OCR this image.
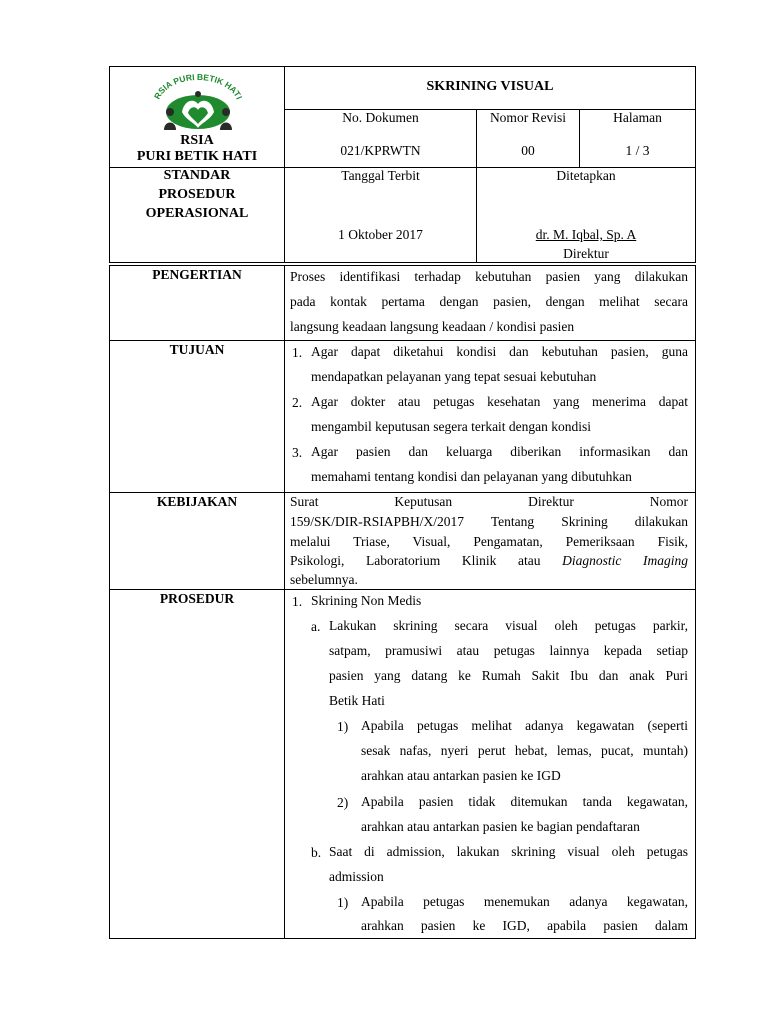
RSIA PURI BETIK HATI
RSIA
PURI BETIK HATI
SKRINING VISUAL
No. Dokumen
021/KPRWTN
Nomor Revisi
00
Halaman
1 / 3
STANDAR
PROSEDUR
OPERASIONAL
Tanggal Terbit
1 Oktober 2017
Ditetapkan
dr. M. Iqbal, Sp. A
Direktur
PENGERTIAN
TUJUAN
KEBIJAKAN
PROSEDUR
Proses identifikasi terhadap kebutuhan pasien yang dilakukan
pada kontak pertama dengan pasien, dengan melihat secara
langsung keadaan langsung keadaan / kondisi pasien
1. Agar dapat diketahui kondisi dan kebutuhan pasien, guna
mendapatkan pelayanan yang tepat sesuai kebutuhan
2. Agar dokter atau petugas kesehatan yang menerima dapat
mengambil keputusan segera terkait dengan kondisi
3. Agar pasien dan keluarga diberikan informasikan dan
memahami tentang kondisi dan pelayanan yang dibutuhkan
Surat Keputusan Direktur Nomor
159/SK/DIR-RSIAPBH/X/2017 Tentang Skrining dilakukan
melalui Triase, Visual, Pengamatan, Pemeriksaan Fisik,
Psikologi, Laboratorium Klinik atau Diagnostic Imaging
sebelumnya.
1. Skrining Non Medis
a. Lakukan skrining secara visual oleh petugas parkir,
satpam, pramusiwi atau petugas lainnya kepada setiap
pasien yang datang ke Rumah Sakit Ibu dan anak Puri
Betik Hati
1) Apabila petugas melihat adanya kegawatan (seperti
sesak nafas, nyeri perut hebat, lemas, pucat, muntah)
arahkan atau antarkan pasien ke IGD
2) Apabila pasien tidak ditemukan tanda kegawatan,
arahkan atau antarkan pasien ke bagian pendaftaran
b. Saat di admission, lakukan skrining visual oleh petugas
admission
1) Apabila petugas menemukan adanya kegawatan,
arahkan pasien ke IGD, apabila pasien dalam
